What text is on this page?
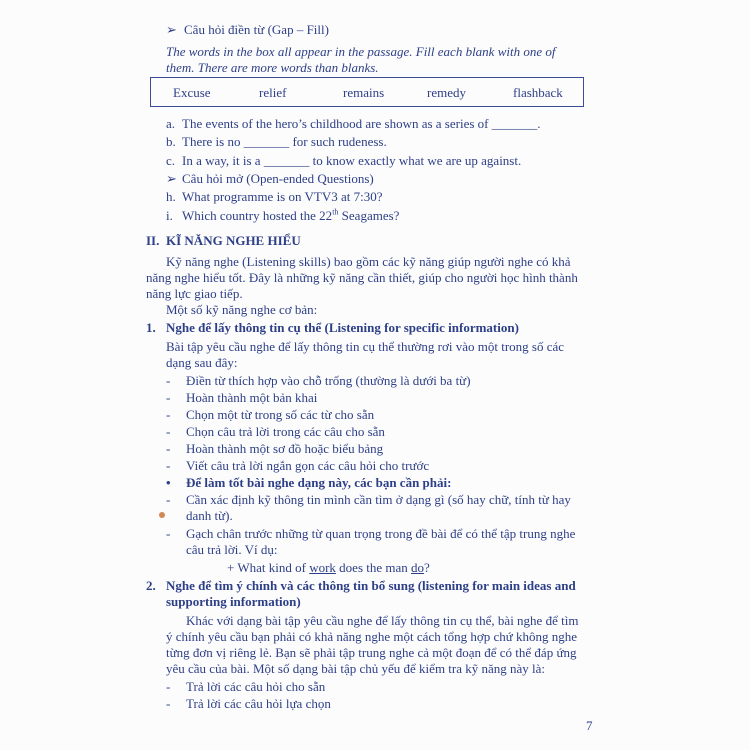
➢ Câu hỏi điền từ (Gap – Fill)
The words in the box all appear in the passage. Fill each blank with one of
them. There are more words than blanks.
Excuse	relief	remains	remedy	flashback
a. The events of the hero’s childhood are shown as a series of _______.
b. There is no _______ for such rudeness.
c. In a way, it is a _______ to know exactly what we are up against.
➢ Câu hỏi mở (Open-ended Questions)
h. What programme is on VTV3 at 7:30?
i. Which country hosted the 22th Seagames?
II. KĨ NĂNG NGHE HIỂU
Kỹ năng nghe (Listening skills) bao gồm các kỹ năng giúp người nghe có khả
năng nghe hiểu tốt. Đây là những kỹ năng cần thiết, giúp cho người học hình thành
năng lực giao tiếp.
Một số kỹ năng nghe cơ bản:
1. Nghe để lấy thông tin cụ thể (Listening for specific information)
Bài tập yêu cầu nghe để lấy thông tin cụ thể thường rơi vào một trong số các
dạng sau đây:
- Điền từ thích hợp vào chỗ trống (thường là dưới ba từ)
- Hoàn thành một bản khai
- Chọn một từ trong số các từ cho sẵn
- Chọn câu trả lời trong các câu cho sẵn
- Hoàn thành một sơ đồ hoặc biểu bảng
- Viết câu trả lời ngắn gọn các câu hỏi cho trước
• Để làm tốt bài nghe dạng này, các bạn cần phải:
- Cần xác định kỹ thông tin mình cần tìm ở dạng gì (số hay chữ, tính từ hay
danh từ).
- Gạch chân trước những từ quan trọng trong đề bài để có thể tập trung nghe
câu trả lời. Ví dụ:
+ What kind of work does the man do?
2. Nghe để tìm ý chính và các thông tin bổ sung (listening for main ideas and
supporting information)
Khác với dạng bài tập yêu cầu nghe để lấy thông tin cụ thể, bài nghe để tìm
ý chính yêu cầu bạn phải có khả năng nghe một cách tổng hợp chứ không nghe
từng đơn vị riêng lẻ. Bạn sẽ phải tập trung nghe cả một đoạn để có thể đáp ứng
yêu cầu của bài. Một số dạng bài tập chủ yếu để kiểm tra kỹ năng này là:
- Trả lời các câu hỏi cho sẵn
- Trả lời các câu hỏi lựa chọn
7
